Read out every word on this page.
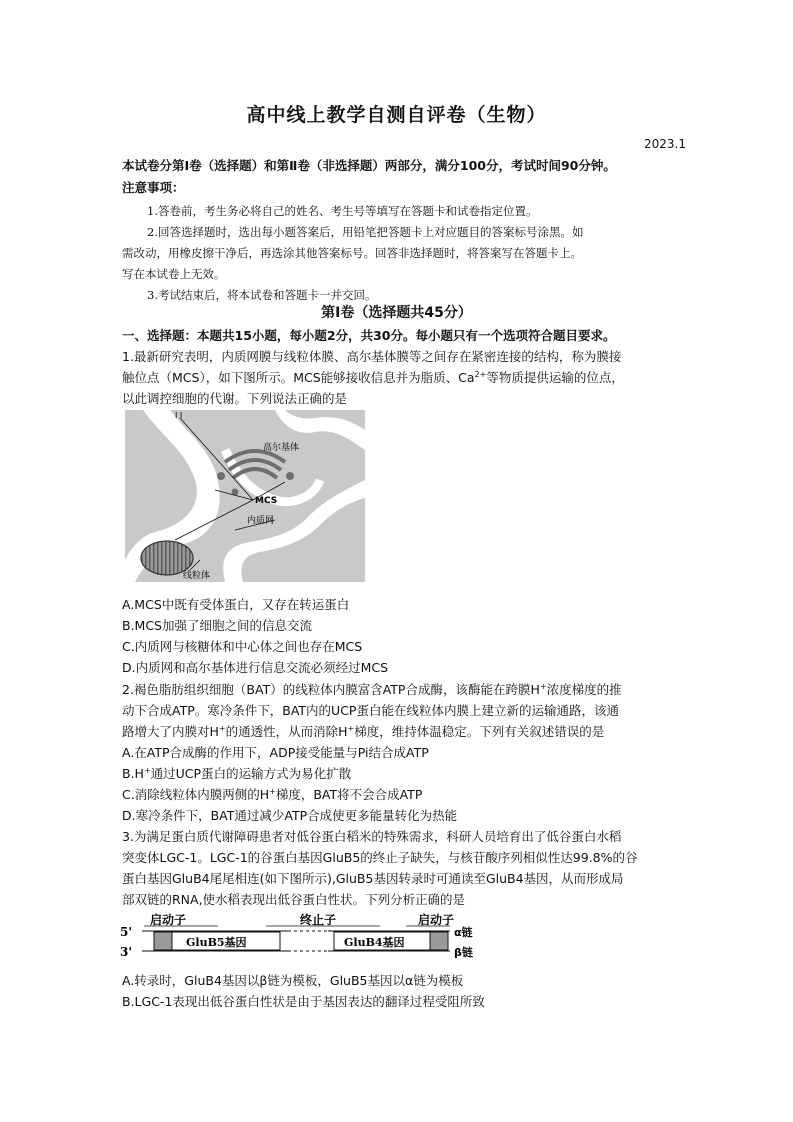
高中线上教学自测自评卷（生物）
2023.1
本试卷分第Ⅰ卷（选择题）和第Ⅱ卷（非选择题）两部分，满分100分，考试时间90分钟。
注意事项：
1.答卷前，考生务必将自己的姓名、考生号等填写在答题卡和试卷指定位置。
2.回答选择题时，选出每小题答案后，用铅笔把答题卡上对应题目的答案标号涂黑。如
需改动，用橡皮擦干净后，再选涂其他答案标号。回答非选择题时，将答案写在答题卡上。
写在本试卷上无效。
3.考试结束后，将本试卷和答题卡一并交回。
第Ⅰ卷（选择题共45分）
一、选择题：本题共15小题，每小题2分，共30分。每小题只有一个选项符合题目要求。
1.最新研究表明，内质网膜与线粒体膜、高尔基体膜等之间存在紧密连接的结构，称为膜接
触位点（MCS），如下图所示。MCS能够接收信息并为脂质、$Ca^{2+}$等物质提供运输的位点，
以此调控细胞的代谢。下列说法正确的是
I I
高尔基体
MCS
内质网
线粒体
A.MCS中既有受体蛋白，又存在转运蛋白
B.MCS加强了细胞之间的信息交流
C.内质网与核糖体和中心体之间也存在MCS
D.内质网和高尔基体进行信息交流必须经过MCS
2.褐色脂肪组织细胞（BAT）的线粒体内膜富含ATP合成酶，该酶能在跨膜H+浓度梯度的推
动下合成ATP。寒冷条件下，BAT内的UCP蛋白能在线粒体内膜上建立新的运输通路，该通
路增大了内膜对H+的通透性，从而消除H+梯度，维持体温稳定。下列有关叙述错误的是
A.在ATP合成酶的作用下，ADP接受能量与Pi结合成ATP
B.H+通过UCP蛋白的运输方式为易化扩散
C.消除线粒体内膜两侧的H+梯度，BAT将不会合成ATP
D.寒冷条件下，BAT通过减少ATP合成使更多能量转化为热能
3.为满足蛋白质代谢障碍患者对低谷蛋白稻米的特殊需求，科研人员培育出了低谷蛋白水稻
突变体LGC-1。LGC-1的谷蛋白基因GluB5的终止子缺失，与核苷酸序列相似性达99.8%的谷
蛋白基因GluB4尾尾相连(如下图所示),GluB5基因转录时可通读至GluB4基因，从而形成局
部双链的RNA,使水稻表现出低谷蛋白性状。下列分析正确的是
5'
3'
启动子	终止子	启动子
GluB5基因	GluB4基因
α链
β链
A.转录时，GluB4基因以β链为模板，GluB5基因以α链为模板
B.LGC-1表现出低谷蛋白性状是由于基因表达的翻译过程受阻所致
